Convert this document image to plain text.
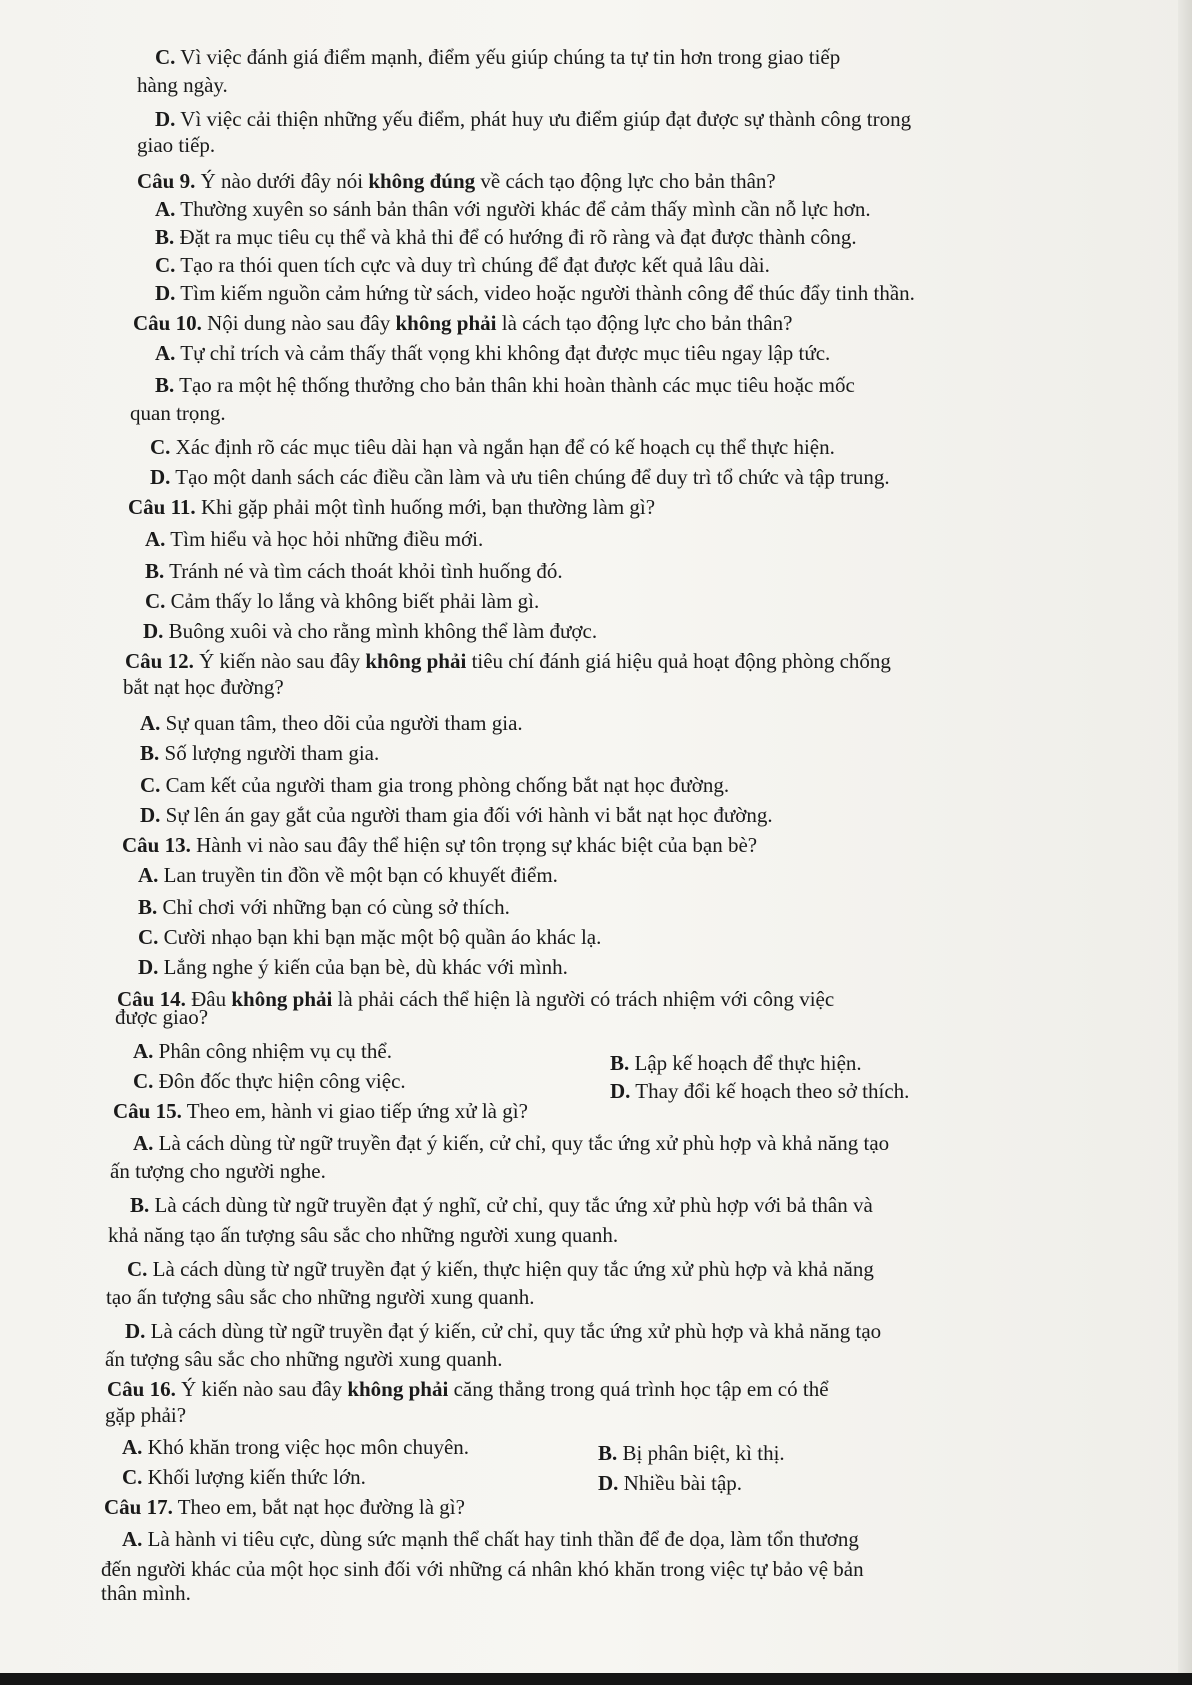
C. Vì việc đánh giá điểm mạnh, điểm yếu giúp chúng ta tự tin hơn trong giao tiếp
hàng ngày.
D. Vì việc cải thiện những yếu điểm, phát huy ưu điểm giúp đạt được sự thành công trong
giao tiếp.
Câu 9. Ý nào dưới đây nói không đúng về cách tạo động lực cho bản thân?
A. Thường xuyên so sánh bản thân với người khác để cảm thấy mình cần nỗ lực hơn.
B. Đặt ra mục tiêu cụ thể và khả thi để có hướng đi rõ ràng và đạt được thành công.
C. Tạo ra thói quen tích cực và duy trì chúng để đạt được kết quả lâu dài.
D. Tìm kiếm nguồn cảm hứng từ sách, video hoặc người thành công để thúc đẩy tinh thần.
Câu 10. Nội dung nào sau đây không phải là cách tạo động lực cho bản thân?
A. Tự chỉ trích và cảm thấy thất vọng khi không đạt được mục tiêu ngay lập tức.
B. Tạo ra một hệ thống thưởng cho bản thân khi hoàn thành các mục tiêu hoặc mốc
quan trọng.
C. Xác định rõ các mục tiêu dài hạn và ngắn hạn để có kế hoạch cụ thể thực hiện.
D. Tạo một danh sách các điều cần làm và ưu tiên chúng để duy trì tổ chức và tập trung.
Câu 11. Khi gặp phải một tình huống mới, bạn thường làm gì?
A. Tìm hiểu và học hỏi những điều mới.
B. Tránh né và tìm cách thoát khỏi tình huống đó.
C. Cảm thấy lo lắng và không biết phải làm gì.
D. Buông xuôi và cho rằng mình không thể làm được.
Câu 12. Ý kiến nào sau đây không phải tiêu chí đánh giá hiệu quả hoạt động phòng chống
bắt nạt học đường?
A. Sự quan tâm, theo dõi của người tham gia.
B. Số lượng người tham gia.
C. Cam kết của người tham gia trong phòng chống bắt nạt học đường.
D. Sự lên án gay gắt của người tham gia đối với hành vi bắt nạt học đường.
Câu 13. Hành vi nào sau đây thể hiện sự tôn trọng sự khác biệt của bạn bè?
A. Lan truyền tin đồn về một bạn có khuyết điểm.
B. Chỉ chơi với những bạn có cùng sở thích.
C. Cười nhạo bạn khi bạn mặc một bộ quần áo khác lạ.
D. Lắng nghe ý kiến của bạn bè, dù khác với mình.
Câu 14. Đâu không phải là phải cách thể hiện là người có trách nhiệm với công việc
được giao?
A. Phân công nhiệm vụ cụ thể.	B. Lập kế hoạch để thực hiện.
C. Đôn đốc thực hiện công việc.	D. Thay đổi kế hoạch theo sở thích.
Câu 15. Theo em, hành vi giao tiếp ứng xử là gì?
A. Là cách dùng từ ngữ truyền đạt ý kiến, cử chỉ, quy tắc ứng xử phù hợp và khả năng tạo
ấn tượng cho người nghe.
B. Là cách dùng từ ngữ truyền đạt ý nghĩ, cử chỉ, quy tắc ứng xử phù hợp với bả thân và
khả năng tạo ấn tượng sâu sắc cho những người xung quanh.
C. Là cách dùng từ ngữ truyền đạt ý kiến, thực hiện quy tắc ứng xử phù hợp và khả năng
tạo ấn tượng sâu sắc cho những người xung quanh.
D. Là cách dùng từ ngữ truyền đạt ý kiến, cử chỉ, quy tắc ứng xử phù hợp và khả năng tạo
ấn tượng sâu sắc cho những người xung quanh.
Câu 16. Ý kiến nào sau đây không phải căng thẳng trong quá trình học tập em có thể
gặp phải?
A. Khó khăn trong việc học môn chuyên.	B. Bị phân biệt, kì thị.
C. Khối lượng kiến thức lớn.	D. Nhiều bài tập.
Câu 17. Theo em, bắt nạt học đường là gì?
A. Là hành vi tiêu cực, dùng sức mạnh thể chất hay tinh thần để đe dọa, làm tổn thương
đến người khác của một học sinh đối với những cá nhân khó khăn trong việc tự bảo vệ bản
thân mình.
